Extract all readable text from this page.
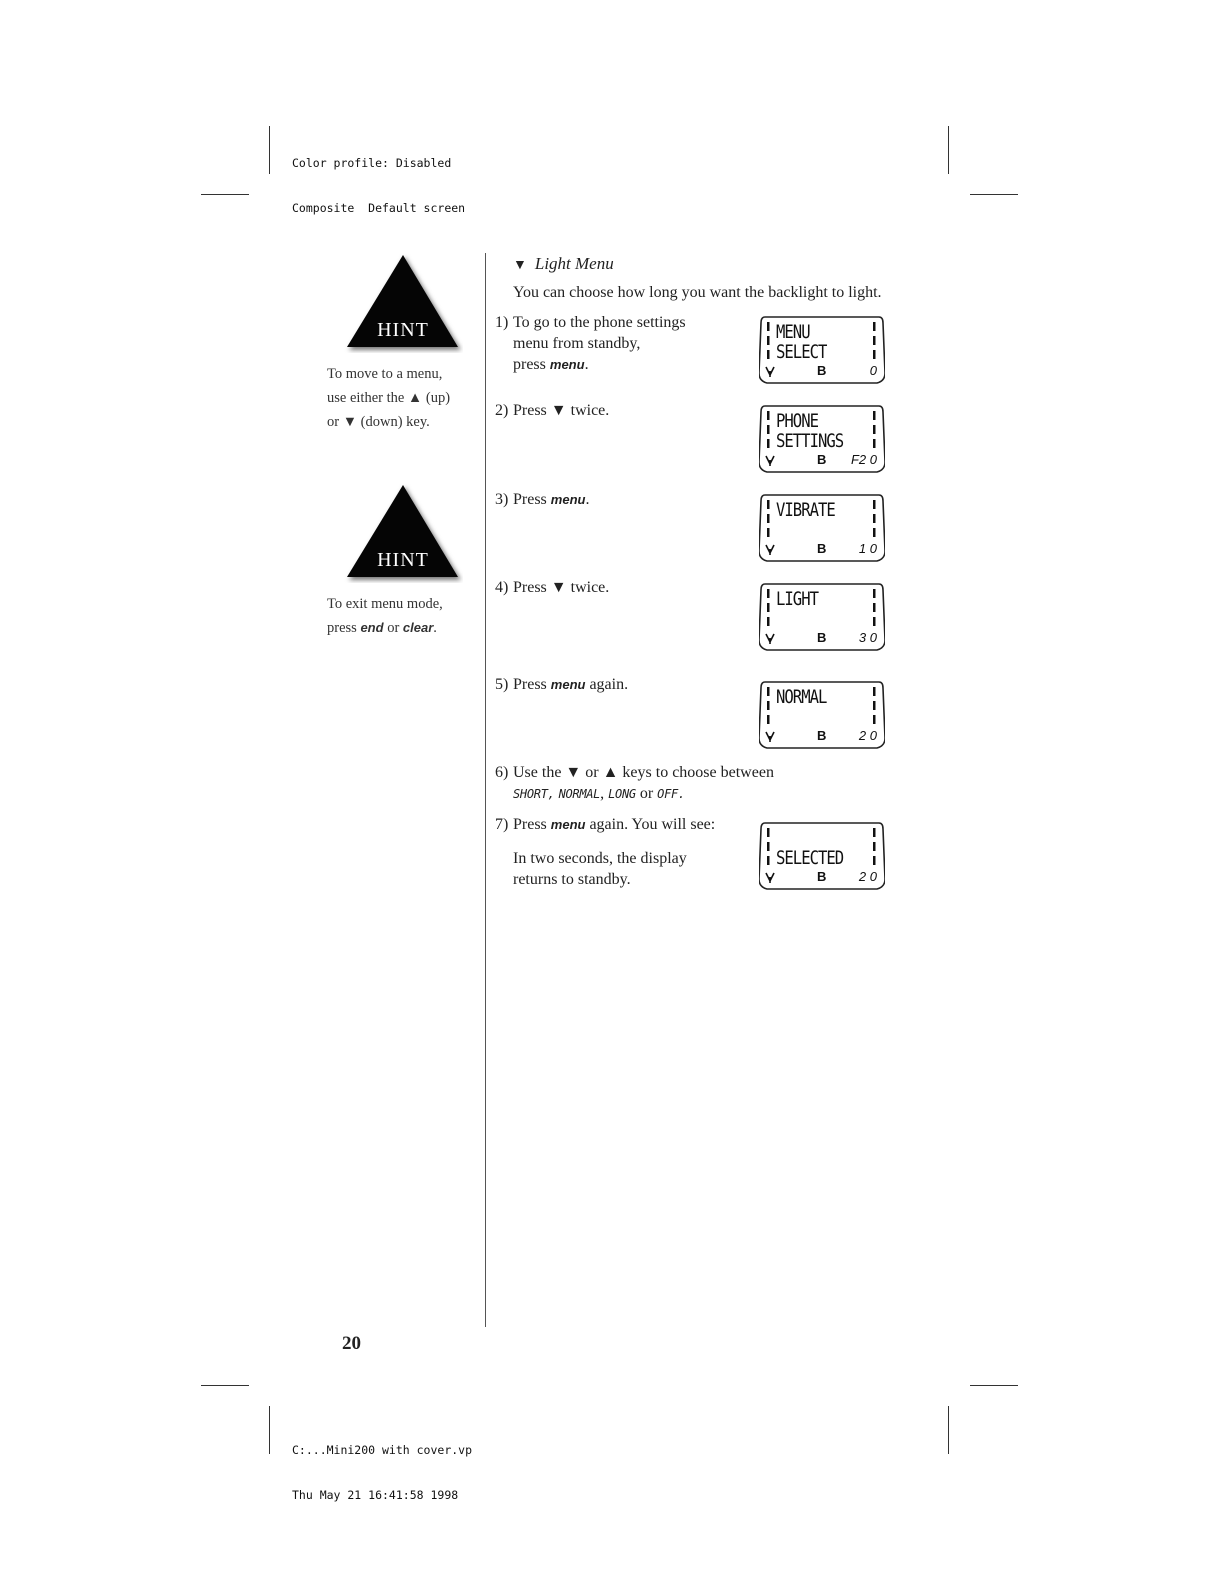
Color profile: Disabled

Composite  Default screen

C:...Mini200 with cover.vp

Thu May 21 16:41:58 1998

HINT
To move to a menu,
use either the ▲ (up)
or ▼ (down) key.
HINT
To exit menu mode,
press end or clear.
▼ Light Menu
You can choose how long you want the backlight to light.
1) To go to the phone settings
menu from standby,
press menu.
2) Press ▼ twice.
3) Press menu.
4) Press ▼ twice.
5) Press menu again.
6) Use the ▼ or ▲ keys to choose between
SHORT, NORMAL, LONG or OFF.
7) Press menu again. You will see:
In two seconds, the display
returns to standby.
MENU
SELECT
B	0
PHONE
SETTINGS
B F2 0
VIBRATE
B	1 0
LIGHT
B	3 0
NORMAL
B	2 0
SELECTED
B	2 0
20
